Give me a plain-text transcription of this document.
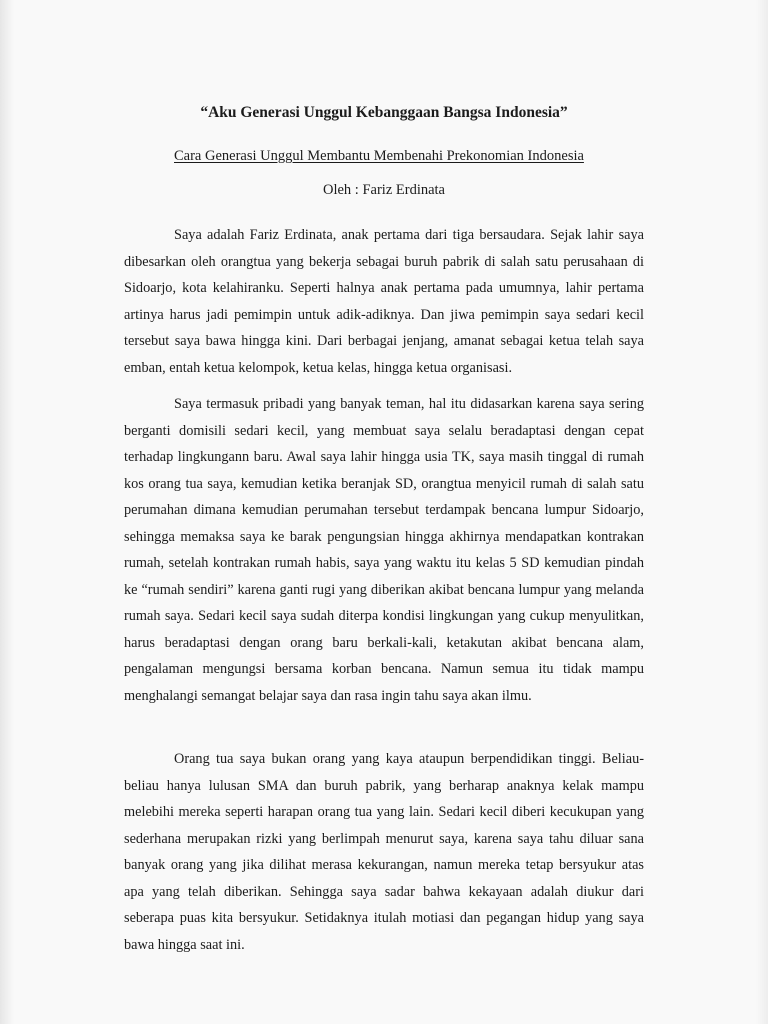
“Aku Generasi Unggul Kebanggaan Bangsa Indonesia”
Cara Generasi Unggul Membantu Membenahi Prekonomian Indonesia
Oleh : Fariz Erdinata

Saya adalah Fariz Erdinata, anak pertama dari tiga bersaudara. Sejak lahir saya dibesarkan oleh orangtua yang bekerja sebagai buruh pabrik di salah satu perusahaan di Sidoarjo, kota kelahiranku. Seperti halnya anak pertama pada umumnya, lahir pertama artinya harus jadi pemimpin untuk adik-adiknya. Dan jiwa pemimpin saya sedari kecil tersebut saya bawa hingga kini. Dari berbagai jenjang, amanat sebagai ketua telah saya emban, entah ketua kelompok, ketua kelas, hingga ketua organisasi.

Saya termasuk pribadi yang banyak teman, hal itu didasarkan karena saya sering berganti domisili sedari kecil, yang membuat saya selalu beradaptasi dengan cepat terhadap lingkungann baru. Awal saya lahir hingga usia TK, saya masih tinggal di rumah kos orang tua saya, kemudian ketika beranjak SD, orangtua menyicil rumah di salah satu perumahan dimana kemudian perumahan tersebut terdampak bencana lumpur Sidoarjo, sehingga memaksa saya ke barak pengungsian hingga akhirnya mendapatkan kontrakan rumah, setelah kontrakan rumah habis, saya yang waktu itu kelas 5 SD kemudian pindah ke “rumah sendiri” karena ganti rugi yang diberikan akibat bencana lumpur yang melanda rumah saya. Sedari kecil saya sudah diterpa kondisi lingkungan yang cukup menyulitkan, harus beradaptasi dengan orang baru berkali-kali, ketakutan akibat bencana alam, pengalaman mengungsi bersama korban bencana. Namun semua itu tidak mampu menghalangi semangat belajar saya dan rasa ingin tahu saya akan ilmu.

Orang tua saya bukan orang yang kaya ataupun berpendidikan tinggi. Beliau-beliau hanya lulusan SMA dan buruh pabrik, yang berharap anaknya kelak mampu melebihi mereka seperti harapan orang tua yang lain. Sedari kecil diberi kecukupan yang sederhana merupakan rizki yang berlimpah menurut saya, karena saya tahu diluar sana banyak orang yang jika dilihat merasa kekurangan, namun mereka tetap bersyukur atas apa yang telah diberikan. Sehingga saya sadar bahwa kekayaan adalah diukur dari seberapa puas kita bersyukur. Setidaknya itulah motiasi dan pegangan hidup yang saya bawa hingga saat ini.
